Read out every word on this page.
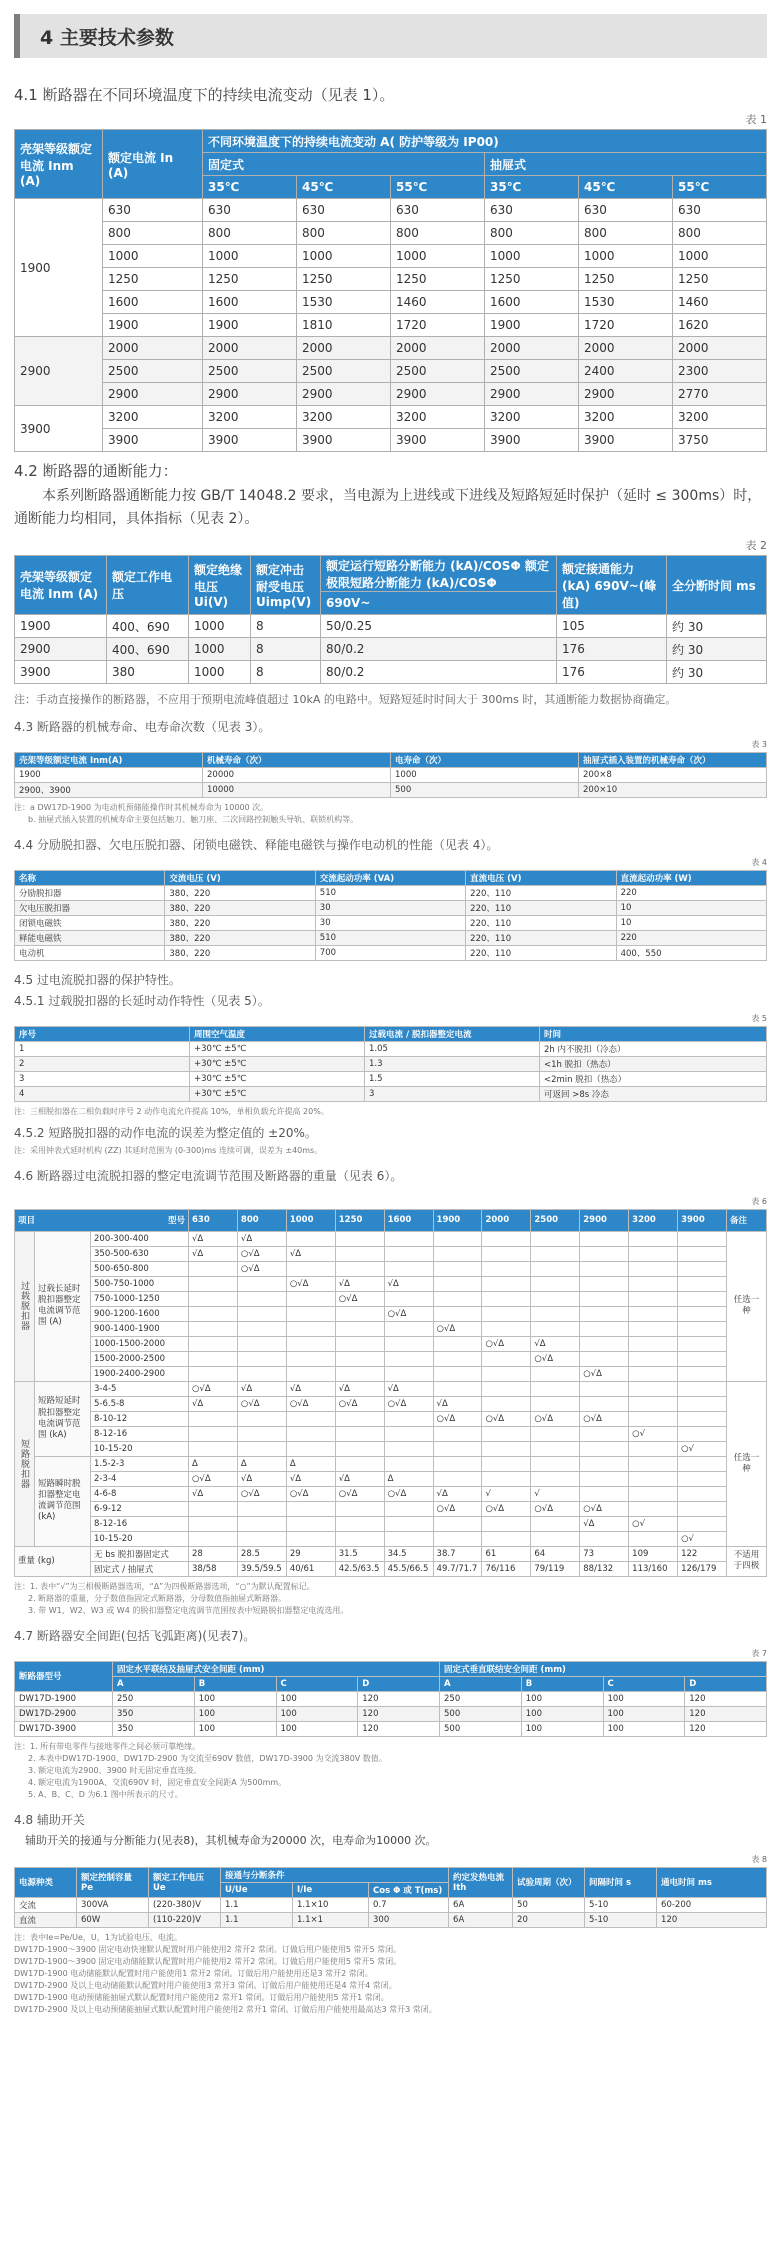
4 主要技术参数
4.1 断路器在不同环境温度下的持续电流变动（见表 1）。
表 1
壳架等级额定电流 Inm (A)	额定电流 In (A)	不同环境温度下的持续电流变动 A( 防护等级为 IP00)					
		固定式			抽屉式		
		35℃	45℃	55℃	35℃	45℃	55℃
1900	630	630	630	630	630	630	630
	800	800	800	800	800	800	800
	1000	1000	1000	1000	1000	1000	1000
	1250	1250	1250	1250	1250	1250	1250
	1600	1600	1530	1460	1600	1530	1460
	1900	1900	1810	1720	1900	1720	1620
2900	2000	2000	2000	2000	2000	2000	2000
	2500	2500	2500	2500	2500	2400	2300
	2900	2900	2900	2900	2900	2900	2770
3900	3200	3200	3200	3200	3200	3200	3200
	3900	3900	3900	3900	3900	3900	3750
4.2 断路器的通断能力：
本系列断路器通断能力按 GB/T 14048.2 要求，当电源为上进线或下进线及短路短延时保护（延时 ≤ 300ms）时，通断能力均相同，具体指标（见表 2）。
表 2
壳架等级额定电流 Inm (A)	额定工作电压	额定绝缘电压 Ui(V)	额定冲击耐受电压 Uimp(V)	额定运行短路分断能力 (kA)/COSΦ 额定极限短路分断能力 (kA)/COSΦ	额定接通能力 (kA) 690V~(峰值)	全分断时间 ms
				690V~		
1900	400、690	1000	8	50/0.25	105	约 30
2900	400、690	1000	8	80/0.2	176	约 30
3900	380	1000	8	80/0.2	176	约 30
注：手动直接操作的断路器，不应用于预期电流峰值超过 10kA 的电路中。短路短延时时间大于 300ms 时，其通断能力数据协商确定。
4.3 断路器的机械寿命、电寿命次数（见表 3）。
表 3
壳架等级额定电流 Inm(A)	机械寿命（次）	电寿命（次）	抽屉式插入装置的机械寿命（次）
1900	20000	1000	200×8
2900、3900	10000	500	200×10
注：a DW17D-1900 为电动机预储能操作时其机械寿命为 10000 次。
b. 抽屉式插入装置的机械寿命主要包括触刀、触刀座、二次回路控制触头导轨、联锁机构等。
4.4 分励脱扣器、欠电压脱扣器、闭锁电磁铁、释能电磁铁与操作电动机的性能（见表 4）。
表 4
名称	交流电压 (V)	交流起动功率 (VA)	直流电压 (V)	直流起动功率 (W)
分励脱扣器	380、220	510	220、110	220
欠电压脱扣器	380、220	30	220、110	10
闭锁电磁铁	380、220	30	220、110	10
释能电磁铁	380、220	510	220、110	220
电动机	380、220	700	220、110	400、550
4.5 过电流脱扣器的保护特性。
4.5.1 过载脱扣器的长延时动作特性（见表 5）。
表 5
序号	周围空气温度	过载电流 / 脱扣器整定电流	时间
1	+30℃ ±5℃	1.05	2h 内不脱扣（冷态）
2	+30℃ ±5℃	1.3	<1h 脱扣（热态）
3	+30℃ ±5℃	1.5	<2min 脱扣（热态）
4	+30℃ ±5℃	3	可返回 >8s 冷态
注：三相脱扣器在二相负载时序号 2 动作电流允许提高 10%，单相负载允许提高 20%。
4.5.2 短路脱扣器的动作电流的误差为整定值的 ±20%。
注：采用钟表式延时机构 (ZZ) 其延时范围为 (0-300)ms 连续可调，误差为 ±40ms。
4.6 断路器过电流脱扣器的整定电流调节范围及断路器的重量（见表 6）。
表 6
项目 型号			630	800	1000	1250	1600	1900	2000	2500	2900	3200	3900	备注
过载脱扣器	过载长延时脱扣器整定电流调节范围 (A)	200-300-400	√Δ	√Δ										任选一种
		350-500-630	√Δ	○√Δ	√Δ									
		500-650-800		○√Δ										
		500-750-1000			○√Δ	√Δ	√Δ							
		750-1000-1250				○√Δ								
		900-1200-1600					○√Δ							
		900-1400-1900						○√Δ						
		1000-1500-2000							○√Δ	√Δ				
		1500-2000-2500								○√Δ				
		1900-2400-2900									○√Δ			
短路脱扣器	短路短延时脱扣器整定电流调节范围 (kA)	3-4-5	○√Δ	√Δ	√Δ	√Δ	√Δ							任选一种
		5-6.5-8	√Δ	○√Δ	○√Δ	○√Δ	○√Δ	√Δ						
		8-10-12						○√Δ	○√Δ	○√Δ	○√Δ			
		8-12-16										○√		
		10-15-20											○√	
	短路瞬时脱扣器整定电流调节范围 (kA)	1.5-2-3	Δ	Δ	Δ									
		2-3-4	○√Δ	√Δ	√Δ	√Δ	Δ							
		4-6-8	√Δ	○√Δ	○√Δ	○√Δ	○√Δ	√Δ	√	√				
		6-9-12						○√Δ	○√Δ	○√Δ	○√Δ			
		8-12-16									√Δ	○√		
		10-15-20											○√	
重量 (kg)		无 bs 脱扣器固定式	28	28.5	29	31.5	34.5	38.7	61	64	73	109	122	不适用于四极
		固定式 / 抽屉式	38/58	39.5/59.5	40/61	42.5/63.5	45.5/66.5	49.7/71.7	76/116	79/119	88/132	113/160	126/179	
注：1. 表中“√”为三相极断路器选项，“Δ”为四极断路器选项，“○”为默认配置标记。
2. 断路器的重量，分子数值指固定式断路器，分母数值指抽屉式断路器。
3. 带 W1、W2、W3 或 W4 的脱扣器整定电流调节范围按表中短路脱扣器整定电流选用。
4.7 断路器安全间距(包括飞弧距离)(见表7)。
表 7
断路器型号	固定水平联结及抽屉式安全间距 (mm)				固定式垂直联结安全间距 (mm)			
	A	B	C	D	A	B	C	D
DW17D-1900	250	100	100	120	250	100	100	120
DW17D-2900	350	100	100	120	500	100	100	120
DW17D-3900	350	100	100	120	500	100	100	120
注：1. 所有带电零件与接地零件之间必须可靠绝缘。
2. 本表中DW17D-1900、DW17D-2900 为交流至690V 数值，DW17D-3900 为交流380V 数值。
3. 额定电流为2900、3900 时无固定垂直连接。
4. 额定电流为1900A、交流690V 时，固定垂直安全间距A 为500mm。
5. A、B、C、D 为6.1 图中所表示的尺寸。
4.8 辅助开关
辅助开关的接通与分断能力(见表8)，其机械寿命为20000 次，电寿命为10000 次。
表 8
电源种类	额定控制容量 Pe	额定工作电压 Ue	接通与分断条件			约定发热电流 Ith	试验周期（次）	间隔时间 s	通电时间 ms
			U/Ue	I/Ie	Cos Φ 或 T(ms)				
交流	300VA	(220-380)V	1.1	1.1×10	0.7	6A	50	5-10	60-200
直流	60W	(110-220)V	1.1	1.1×1	300	6A	20	5-10	120
注：表中Ie=Pe/Ue，U，1为试验电压、电流。
DW17D-1900～3900 固定电动快速默认配置时用户能使用2 常开2 常闭。订做后用户能使用5 常开5 常闭。
DW17D-1900～3900 固定电动储能默认配置时用户能使用2 常开2 常闭。订做后用户能使用5 常开5 常闭。
DW17D-1900 电动储能默认配置时用户能使用1 常开2 常闭。订做后用户能使用还是3 常开2 常闭。
DW17D-2900 及以上电动储能默认配置时用户能使用3 常开3 常闭。订做后用户能使用还是4 常开4 常闭。
DW17D-1900 电动预储能抽屉式默认配置时用户能使用2 常开1 常闭。订做后用户能使用5 常开1 常闭。
DW17D-2900 及以上电动预储能抽屉式默认配置时用户能使用2 常开1 常闭。订做后用户能使用最高达3 常开3 常闭。
